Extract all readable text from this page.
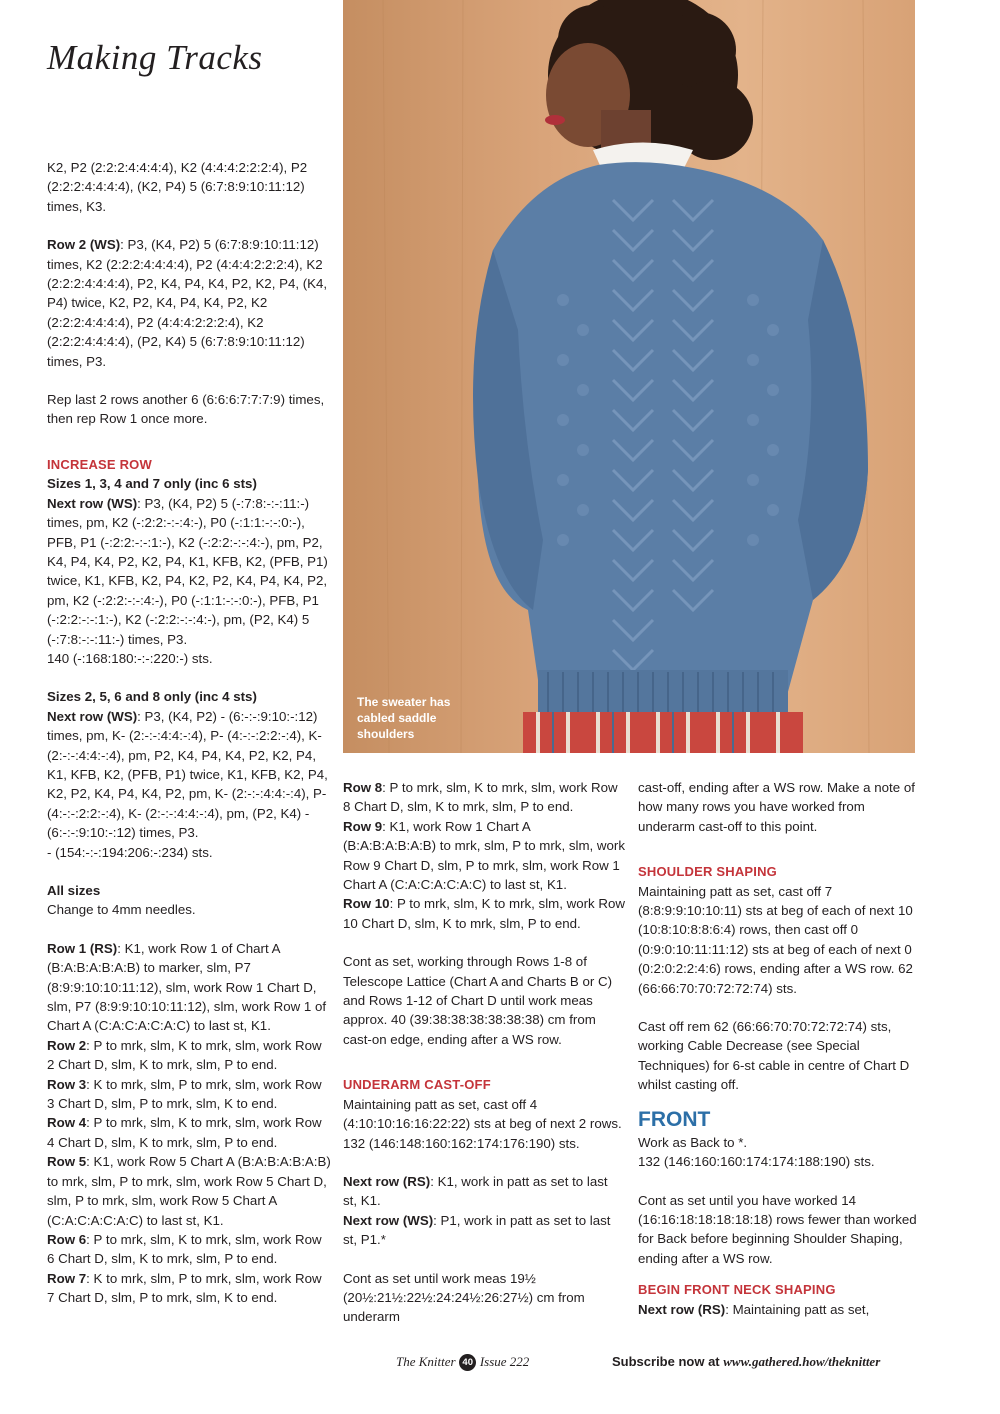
Making Tracks
The sweater has cabled saddle shoulders

K2, P2 (2:2:2:4:4:4:4), K2 (4:4:4:2:2:2:4), P2 (2:2:2:4:4:4:4), (K2, P4) 5 (6:7:8:9:10:11:12) times, K3.

Row 2 (WS): P3, (K4, P2) 5 (6:7:8:9:10:11:12) times, K2 (2:2:2:4:4:4:4), P2 (4:4:4:2:2:2:4), K2 (2:2:2:4:4:4:4), P2, K4, P4, K4, P2, K2, P4, (K4, P4) twice, K2, P2, K4, P4, K4, P2, K2 (2:2:2:4:4:4:4), P2 (4:4:4:2:2:2:4), K2 (2:2:2:4:4:4:4), (P2, K4) 5 (6:7:8:9:10:11:12) times, P3.

Rep last 2 rows another 6 (6:6:6:7:7:7:9) times, then rep Row 1 once more.

INCREASE ROW

Sizes 1, 3, 4 and 7 only (inc 6 sts)

Next row (WS): P3, (K4, P2) 5 (-:7:8:-:-:11:-) times, pm, K2 (-:2:2:-:-:4:-), P0 (-:1:1:-:-:0:-), PFB, P1 (-:2:2:-:-:1:-), K2 (-:2:2:-:-:4:-), pm, P2, K4, P4, K4, P2, K2, P4, K1, KFB, K2, (PFB, P1) twice, K1, KFB, K2, P4, K2, P2, K4, P4, K4, P2, pm, K2 (-:2:2:-:-:4:-), P0 (-:1:1:-:-:0:-), PFB, P1 (-:2:2:-:-:1:-), K2 (-:2:2:-:-:4:-), pm, (P2, K4) 5 (-:7:8:-:-:11:-) times, P3.

140 (-:168:180:-:-:220:-) sts.

Sizes 2, 5, 6 and 8 only (inc 4 sts)

Next row (WS): P3, (K4, P2) - (6:-:-:9:10:-:12) times, pm, K- (2:-:-:4:4:-:4), P- (4:-:-:2:2:-:4), K- (2:-:-:4:4:-:4), pm, P2, K4, P4, K4, P2, K2, P4, K1, KFB, K2, (PFB, P1) twice, K1, KFB, K2, P4, K2, P2, K4, P4, K4, P2, pm, K- (2:-:-:4:4:-:4), P- (4:-:-:2:2:-:4), K- (2:-:-:4:4:-:4), pm, (P2, K4) - (6:-:-:9:10:-:12) times, P3.

- (154:-:-:194:206:-:234) sts.

All sizes

Change to 4mm needles.

Row 1 (RS): K1, work Row 1 of Chart A (B:A:B:A:B:A:B) to marker, slm, P7 (8:9:9:10:10:11:12), slm, work Row 1 Chart D, slm, P7 (8:9:9:10:10:11:12), slm, work Row 1 of Chart A (C:A:C:A:C:A:C) to last st, K1.

Row 2: P to mrk, slm, K to mrk, slm, work Row 2 Chart D, slm, K to mrk, slm, P to end.

Row 3: K to mrk, slm, P to mrk, slm, work Row 3 Chart D, slm, P to mrk, slm, K to end.

Row 4: P to mrk, slm, K to mrk, slm, work Row 4 Chart D, slm, K to mrk, slm, P to end.

Row 5: K1, work Row 5 Chart A (B:A:B:A:B:A:B) to mrk, slm, P to mrk, slm, work Row 5 Chart D, slm, P to mrk, slm, work Row 5 Chart A (C:A:C:A:C:A:C) to last st, K1.

Row 6: P to mrk, slm, K to mrk, slm, work Row 6 Chart D, slm, K to mrk, slm, P to end.

Row 7: K to mrk, slm, P to mrk, slm, work Row 7 Chart D, slm, P to mrk, slm, K to end.

Row 8: P to mrk, slm, K to mrk, slm, work Row 8 Chart D, slm, K to mrk, slm, P to end.

Row 9: K1, work Row 1 Chart A (B:A:B:A:B:A:B) to mrk, slm, P to mrk, slm, work Row 9 Chart D, slm, P to mrk, slm, work Row 1 Chart A (C:A:C:A:C:A:C) to last st, K1.

Row 10: P to mrk, slm, K to mrk, slm, work Row 10 Chart D, slm, K to mrk, slm, P to end.

Cont as set, working through Rows 1-8 of Telescope Lattice (Chart A and Charts B or C) and Rows 1-12 of Chart D until work meas approx. 40 (39:38:38:38:38:38:38) cm from cast-on edge, ending after a WS row.

UNDERARM CAST-OFF

Maintaining patt as set, cast off 4 (4:10:10:16:16:22:22) sts at beg of next 2 rows. 132 (146:148:160:162:174:176:190) sts.

Next row (RS): K1, work in patt as set to last st, K1.

Next row (WS): P1, work in patt as set to last st, P1.*

Cont as set until work meas 19½ (20½:21½:22½:24:24½:26:27½) cm from underarm

cast-off, ending after a WS row. Make a note of how many rows you have worked from underarm cast-off to this point.

SHOULDER SHAPING

Maintaining patt as set, cast off 7 (8:8:9:9:10:10:11) sts at beg of each of next 10 (10:8:10:8:8:6:4) rows, then cast off 0 (0:9:0:10:11:11:12) sts at beg of each of next 0 (0:2:0:2:2:4:6) rows, ending after a WS row. 62 (66:66:70:70:72:72:74) sts.

Cast off rem 62 (66:66:70:70:72:72:74) sts, working Cable Decrease (see Special Techniques) for 6-st cable in centre of Chart D whilst casting off.

FRONT

Work as Back to *.

132 (146:160:160:174:174:188:190) sts.

Cont as set until you have worked 14 (16:16:18:18:18:18:18) rows fewer than worked for Back before beginning Shoulder Shaping, ending after a WS row.

BEGIN FRONT NECK SHAPING

Next row (RS): Maintaining patt as set,

The Knitter 40 Issue 222	Subscribe now at www.gathered.how/theknitter
